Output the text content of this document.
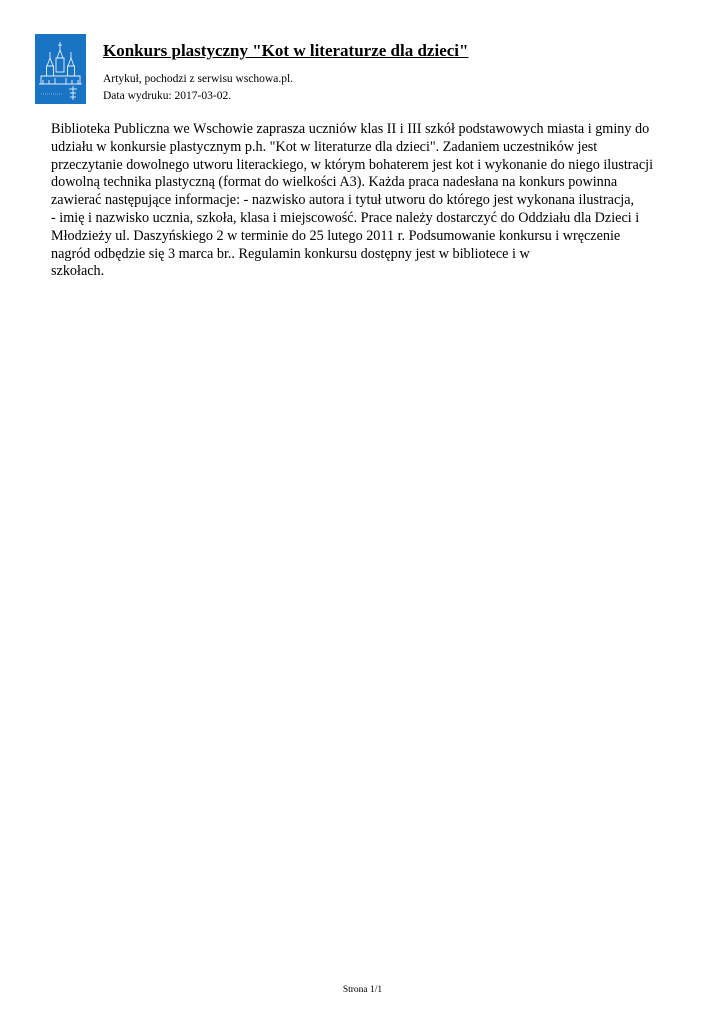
Konkurs plastyczny "Kot w literaturze dla dzieci"
Artykuł, pochodzi z serwisu wschowa.pl.
Data wydruku: 2017-03-02.
Biblioteka Publiczna we Wschowie zaprasza uczniów klas II i III szkół podstawowych miasta i gminy do
udziału w konkursie plastycznym p.h. "Kot w literaturze dla dzieci". Zadaniem uczestników jest
przeczytanie dowolnego utworu literackiego, w którym bohaterem jest kot i wykonanie do niego ilustracji
dowolną technika plastyczną (format do wielkości A3). Każda praca nadesłana na konkurs powinna
zawierać następujące informacje: - nazwisko autora i tytuł utworu do którego jest wykonana ilustracja,
- imię i nazwisko ucznia, szkoła, klasa i miejscowość. Prace należy dostarczyć do Oddziału dla Dzieci i
Młodzieży ul. Daszyńskiego 2 w terminie do 25 lutego 2011 r. Podsumowanie konkursu i wręczenie
nagród odbędzie się 3 marca br.. Regulamin konkursu dostępny jest w bibliotece i w
szkołach.
Strona 1/1
